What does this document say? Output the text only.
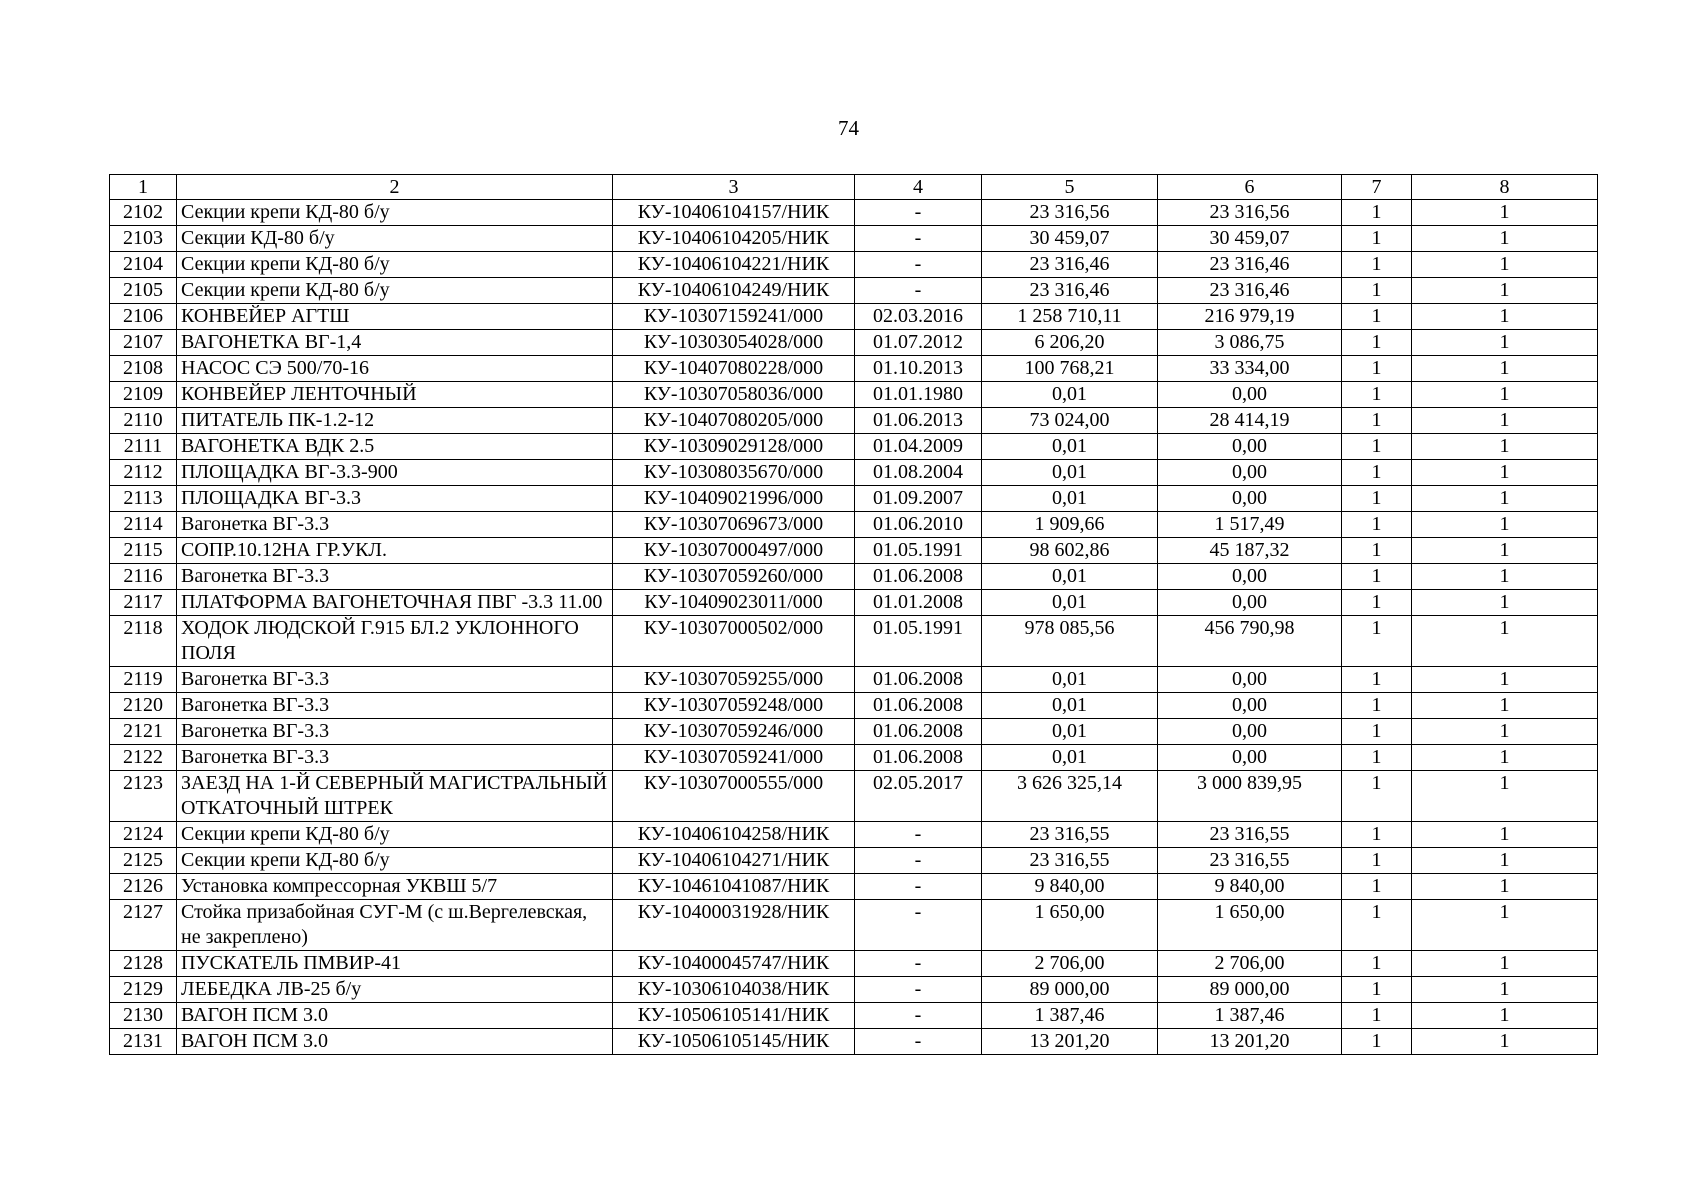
74
1	2	3	4	5	6	7	8
2102	Секции крепи КД-80 б/у	КУ-10406104157/НИК	-	23 316,56	23 316,56	1	1
2103	Секции КД-80 б/у	КУ-10406104205/НИК	-	30 459,07	30 459,07	1	1
2104	Секции крепи КД-80 б/у	КУ-10406104221/НИК	-	23 316,46	23 316,46	1	1
2105	Секции крепи КД-80 б/у	КУ-10406104249/НИК	-	23 316,46	23 316,46	1	1
2106	КОНВЕЙЕР АГТШ	КУ-10307159241/000	02.03.2016	1 258 710,11	216 979,19	1	1
2107	ВАГОНЕТКА ВГ-1,4	КУ-10303054028/000	01.07.2012	6 206,20	3 086,75	1	1
2108	НАСОС СЭ 500/70-16	КУ-10407080228/000	01.10.2013	100 768,21	33 334,00	1	1
2109	КОНВЕЙЕР ЛЕНТОЧНЫЙ	КУ-10307058036/000	01.01.1980	0,01	0,00	1	1
2110	ПИТАТЕЛЬ ПК-1.2-12	КУ-10407080205/000	01.06.2013	73 024,00	28 414,19	1	1
2111	ВАГОНЕТКА ВДК 2.5	КУ-10309029128/000	01.04.2009	0,01	0,00	1	1
2112	ПЛОЩАДКА ВГ-3.3-900	КУ-10308035670/000	01.08.2004	0,01	0,00	1	1
2113	ПЛОЩАДКА ВГ-3.3	КУ-10409021996/000	01.09.2007	0,01	0,00	1	1
2114	Вагонетка ВГ-3.3	КУ-10307069673/000	01.06.2010	1 909,66	1 517,49	1	1
2115	СОПР.10.12НА ГР.УКЛ.	КУ-10307000497/000	01.05.1991	98 602,86	45 187,32	1	1
2116	Вагонетка ВГ-3.3	КУ-10307059260/000	01.06.2008	0,01	0,00	1	1
2117	ПЛАТФОРМА ВАГОНЕТОЧНАЯ ПВГ -3.3 11.00	КУ-10409023011/000	01.01.2008	0,01	0,00	1	1
2118	ХОДОК ЛЮДСКОЙ Г.915 БЛ.2 УКЛОННОГО ПОЛЯ	КУ-10307000502/000	01.05.1991	978 085,56	456 790,98	1	1
2119	Вагонетка ВГ-3.3	КУ-10307059255/000	01.06.2008	0,01	0,00	1	1
2120	Вагонетка ВГ-3.3	КУ-10307059248/000	01.06.2008	0,01	0,00	1	1
2121	Вагонетка ВГ-3.3	КУ-10307059246/000	01.06.2008	0,01	0,00	1	1
2122	Вагонетка ВГ-3.3	КУ-10307059241/000	01.06.2008	0,01	0,00	1	1
2123	ЗАЕЗД НА 1-Й СЕВЕРНЫЙ МАГИСТРАЛЬНЫЙ ОТКАТОЧНЫЙ ШТРЕК	КУ-10307000555/000	02.05.2017	3 626 325,14	3 000 839,95	1	1
2124	Секции крепи КД-80 б/у	КУ-10406104258/НИК	-	23 316,55	23 316,55	1	1
2125	Секции крепи КД-80 б/у	КУ-10406104271/НИК	-	23 316,55	23 316,55	1	1
2126	Установка компрессорная УКВШ 5/7	КУ-10461041087/НИК	-	9 840,00	9 840,00	1	1
2127	Стойка призабойная СУГ-М (с ш.Вергелевская, не закреплено)	КУ-10400031928/НИК	-	1 650,00	1 650,00	1	1
2128	ПУСКАТЕЛЬ ПМВИР-41	КУ-10400045747/НИК	-	2 706,00	2 706,00	1	1
2129	ЛЕБЕДКА ЛВ-25 б/у	КУ-10306104038/НИК	-	89 000,00	89 000,00	1	1
2130	ВАГОН ПСМ 3.0	КУ-10506105141/НИК	-	1 387,46	1 387,46	1	1
2131	ВАГОН ПСМ 3.0	КУ-10506105145/НИК	-	13 201,20	13 201,20	1	1
